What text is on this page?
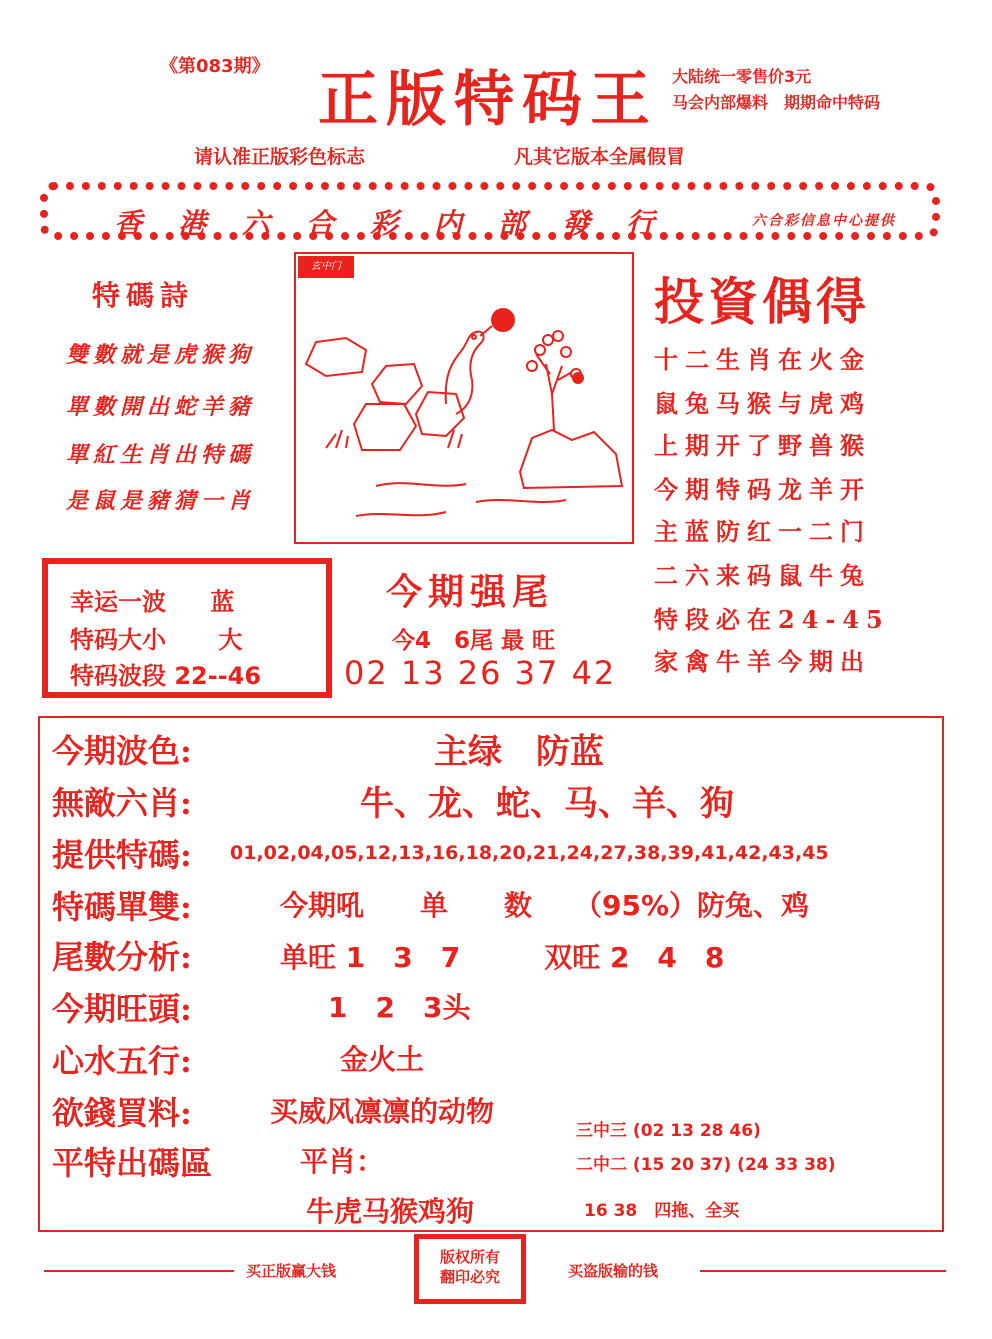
《第083期》 正版特码王 大陆统一零售价3元
马会内部爆料　期期命中特码
请认准正版彩色标志	凡其它版本全属假冒
香港六合彩内部發行	六合彩信息中心提供
特碼詩
雙數就是虎猴狗
單數開出蛇羊豬
單紅生肖出特碼
是鼠是豬猜一肖
玄中门
投資偶得
十二生肖在火金
鼠兔马猴与虎鸡
上期开了野兽猴
今期特码龙羊开
主蓝防红一二门
二六来码鼠牛兔
特段必在24-45
家禽牛羊今期出
幸运一波 蓝
特码大小 大
特码波段 22--46
今期强尾
今4　6尾 最 旺
02 13 26 37 42
今期波色:	主绿　防蓝
無敵六肖:	牛、龙、蛇、马、羊、狗
提供特碼: 01,02,04,05,12,13,16,18,20,21,24,27,38,39,41,42,43,45
特碼單雙:	今期吼　　单　　数　　（95%）防兔、鸡
尾數分析:	单旺 1　3　7　　　双旺 2　4　8
今期旺頭:	1　2　3头
心水五行:	金火土
欲錢買料:	买威风凛凛的动物
平特出碼區	平肖：
牛虎马猴鸡狗
三中三 (02 13 28 46)
二中二 (15 20 37) (24 33 38)
16 38　四拖、全买
买正版赢大钱
版权所有
翻印必究	买盗版输的钱
